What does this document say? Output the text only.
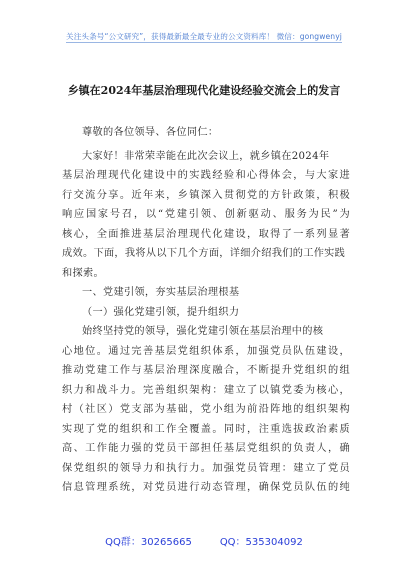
关注头条号“公文研究”，获得最新最全最专业的公文资料库！ 微信：gongwenyj
乡镇在2024年基层治理现代化建设经验交流会上的发言
尊敬的各位领导、各位同仁：
大家好！非常荣幸能在此次会议上，就乡镇在2024年
基层治理现代化建设中的实践经验和心得体会，与大家进
行交流分享。近年来，乡镇深入贯彻党的方针政策，积极
响应国家号召，以“党建引领、创新驱动、服务为民”为
核心，全面推进基层治理现代化建设，取得了一系列显著
成效。下面，我将从以下几个方面，详细介绍我们的工作实践
和探索。
一、党建引领，夯实基层治理根基
（一）强化党建引领，提升组织力
始终坚持党的领导，强化党建引领在基层治理中的核
心地位。通过完善基层党组织体系，加强党员队伍建设，
推动党建工作与基层治理深度融合，不断提升党组织的组
织力和战斗力。完善组织架构：建立了以镇党委为核心，
村（社区）党支部为基础，党小组为前沿阵地的组织架构
实现了党的组织和工作全覆盖。同时，注重选拔政治素质
高、工作能力强的党员干部担任基层党组织的负责人，确
保党组织的领导力和执行力。加强党员管理：建立了党员
信息管理系统，对党员进行动态管理，确保党员队伍的纯
QQ群：30265665	QQ：535304092
